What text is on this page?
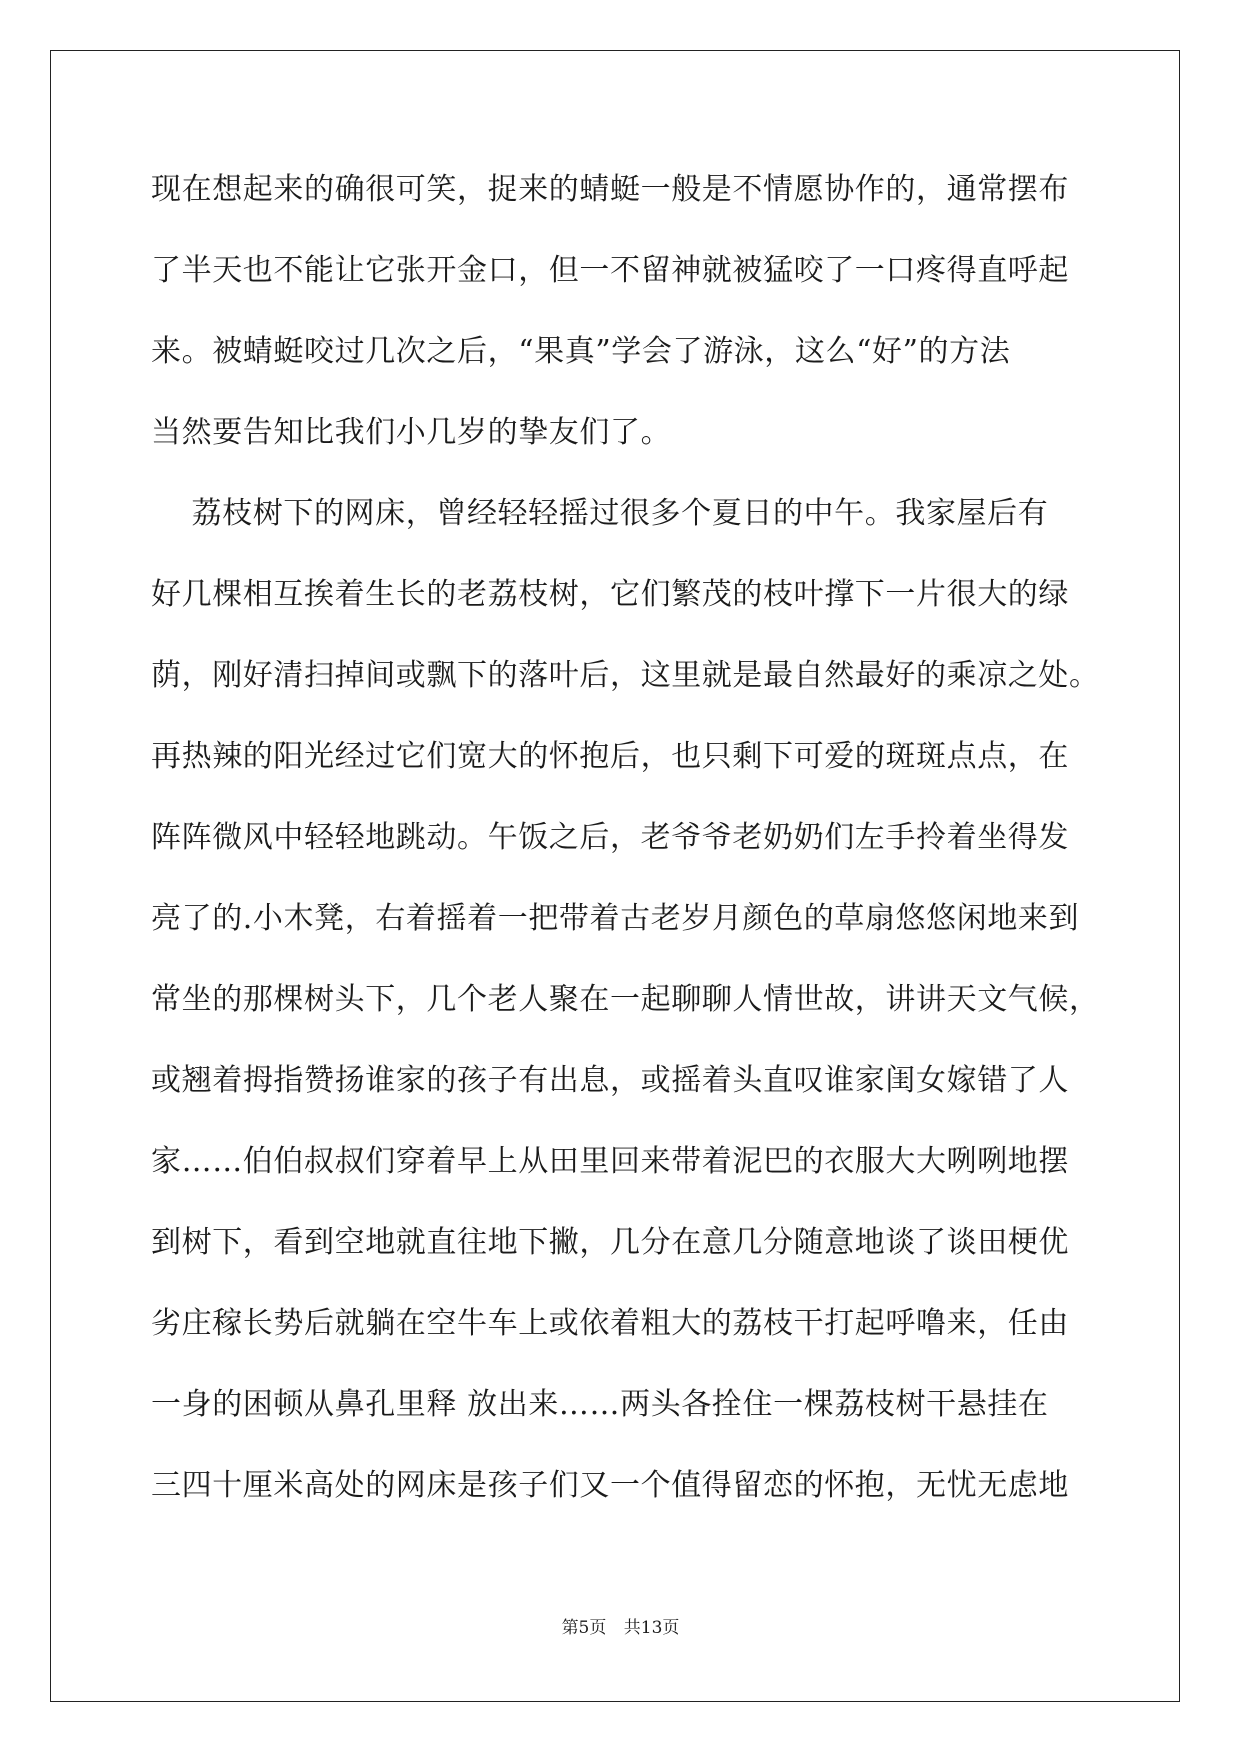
现在想起来的确很可笑，捉来的蜻蜓一般是不情愿协作的，通常摆布
了半天也不能让它张开金口，但一不留神就被猛咬了一口疼得直呼起
来。被蜻蜓咬过几次之后，“果真”学会了游泳，这么“好”的方法
当然要告知比我们小几岁的挚友们了。
荔枝树下的网床，曾经轻轻摇过很多个夏日的中午。我家屋后有
好几棵相互挨着生长的老荔枝树，它们繁茂的枝叶撑下一片很大的绿
荫，刚好清扫掉间或飘下的落叶后，这里就是最自然最好的乘凉之处。
再热辣的阳光经过它们宽大的怀抱后，也只剩下可爱的斑斑点点，在
阵阵微风中轻轻地跳动。午饭之后，老爷爷老奶奶们左手拎着坐得发
亮了的.小木凳，右着摇着一把带着古老岁月颜色的草扇悠悠闲地来到
常坐的那棵树头下，几个老人聚在一起聊聊人情世故，讲讲天文气候，
或翘着拇指赞扬谁家的孩子有出息，或摇着头直叹谁家闺女嫁错了人
家……伯伯叔叔们穿着早上从田里回来带着泥巴的衣服大大咧咧地摆
到树下，看到空地就直往地下撇，几分在意几分随意地谈了谈田梗优
劣庄稼长势后就躺在空牛车上或依着粗大的荔枝干打起呼噜来，任由
一身的困顿从鼻孔里释 放出来……两头各拴住一棵荔枝树干悬挂在
三四十厘米高处的网床是孩子们又一个值得留恋的怀抱，无忧无虑地
第5页 共13页
